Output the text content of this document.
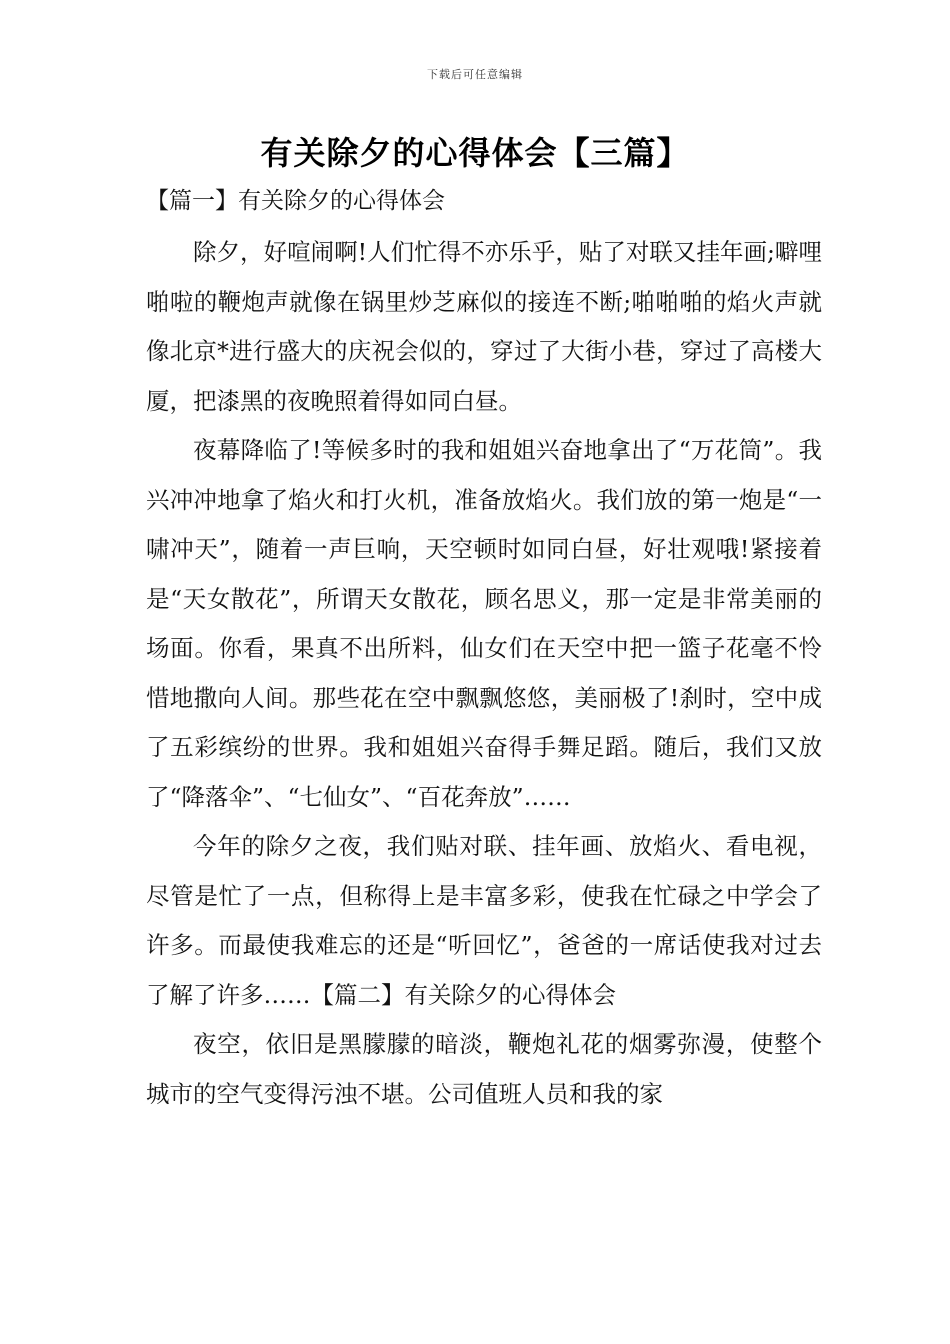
下载后可任意编辑
有关除夕的心得体会【三篇】
【篇一】有关除夕的心得体会

除夕，好喧闹啊!人们忙得不亦乐乎，贴了对联又挂年画;噼哩啪啦的鞭炮声就像在锅里炒芝麻似的接连不断;啪啪啪的焰火声就像北京*进行盛大的庆祝会似的，穿过了大街小巷，穿过了高楼大厦，把漆黑的夜晚照着得如同白昼。

夜幕降临了!等候多时的我和姐姐兴奋地拿出了“万花筒”。我兴冲冲地拿了焰火和打火机，准备放焰火。我们放的第一炮是“一啸冲天”，随着一声巨响，天空顿时如同白昼，好壮观哦!紧接着是“天女散花”，所谓天女散花，顾名思义，那一定是非常美丽的场面。你看，果真不出所料，仙女们在天空中把一篮子花毫不怜惜地撒向人间。那些花在空中飘飘悠悠，美丽极了!刹时，空中成了五彩缤纷的世界。我和姐姐兴奋得手舞足蹈。随后，我们又放了“降落伞”、“七仙女”、“百花奔放”……

今年的除夕之夜，我们贴对联、挂年画、放焰火、看电视，尽管是忙了一点，但称得上是丰富多彩，使我在忙碌之中学会了许多。而最使我难忘的还是“听回忆”，爸爸的一席话使我对过去了解了许多……【篇二】有关除夕的心得体会

夜空，依旧是黑朦朦的暗淡，鞭炮礼花的烟雾弥漫，使整个城市的空气变得污浊不堪。公司值班人员和我的家
